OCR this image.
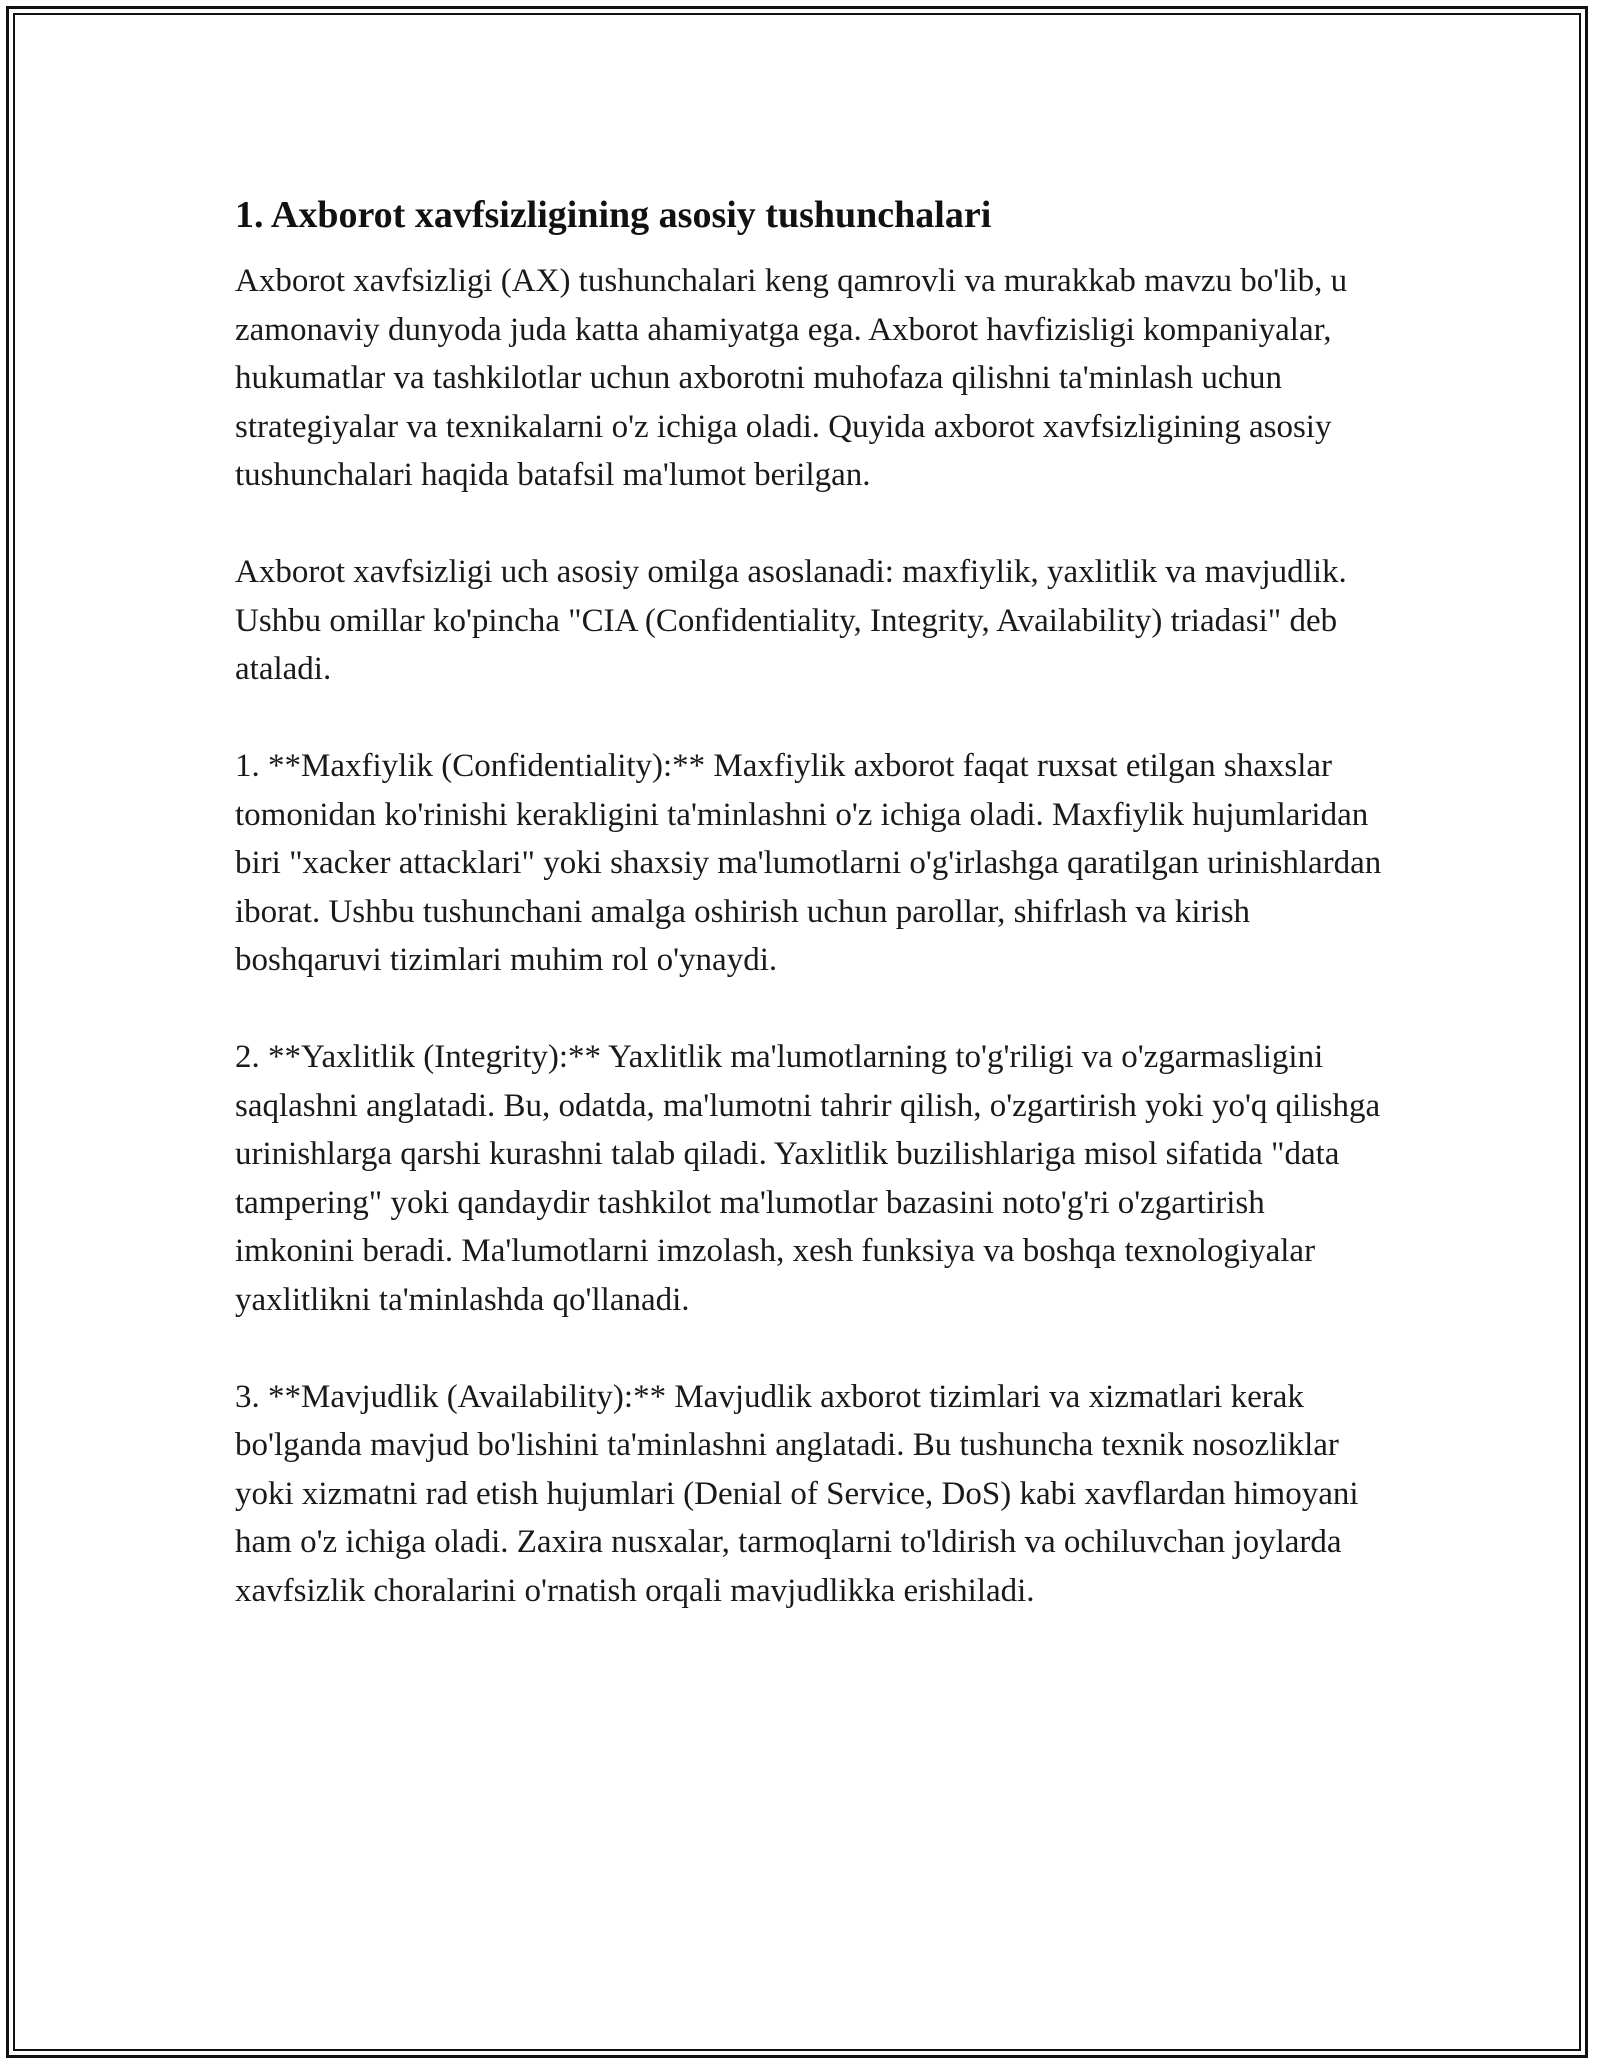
1. Axborot xavfsizligining asosiy tushunchalari

Axborot xavfsizligi (AX) tushunchalari keng qamrovli va murakkab mavzu bo'lib, u zamonaviy dunyoda juda katta ahamiyatga ega. Axborot havfizisligi kompaniyalar, hukumatlar va tashkilotlar uchun axborotni muhofaza qilishni ta'minlash uchun strategiyalar va texnikalarni o'z ichiga oladi. Quyida axborot xavfsizligining asosiy tushunchalari haqida batafsil ma'lumot berilgan.

Axborot xavfsizligi uch asosiy omilga asoslanadi: maxfiylik, yaxlitlik va mavjudlik. Ushbu omillar ko'pincha "CIA (Confidentiality, Integrity, Availability) triadasi" deb ataladi.

1. **Maxfiylik (Confidentiality):** Maxfiylik axborot faqat ruxsat etilgan shaxslar tomonidan ko'rinishi kerakligini ta'minlashni o'z ichiga oladi. Maxfiylik hujumlaridan biri "xacker attacklari" yoki shaxsiy ma'lumotlarni o'g'irlashga qaratilgan urinishlardan iborat. Ushbu tushunchani amalga oshirish uchun parollar, shifrlash va kirish boshqaruvi tizimlari muhim rol o'ynaydi.

2. **Yaxlitlik (Integrity):** Yaxlitlik ma'lumotlarning to'g'riligi va o'zgarmasligini saqlashni anglatadi. Bu, odatda, ma'lumotni tahrir qilish, o'zgartirish yoki yo'q qilishga urinishlarga qarshi kurashni talab qiladi. Yaxlitlik buzilishlariga misol sifatida "data tampering" yoki qandaydir tashkilot ma'lumotlar bazasini noto'g'ri o'zgartirish imkonini beradi. Ma'lumotlarni imzolash, xesh funksiya va boshqa texnologiyalar yaxlitlikni ta'minlashda qo'llanadi.

3. **Mavjudlik (Availability):** Mavjudlik axborot tizimlari va xizmatlari kerak bo'lganda mavjud bo'lishini ta'minlashni anglatadi. Bu tushuncha texnik nosozliklar yoki xizmatni rad etish hujumlari (Denial of Service, DoS) kabi xavflardan himoyani ham o'z ichiga oladi. Zaxira nusxalar, tarmoqlarni to'ldirish va ochiluvchan joylarda xavfsizlik choralarini o'rnatish orqali mavjudlikka erishiladi.
